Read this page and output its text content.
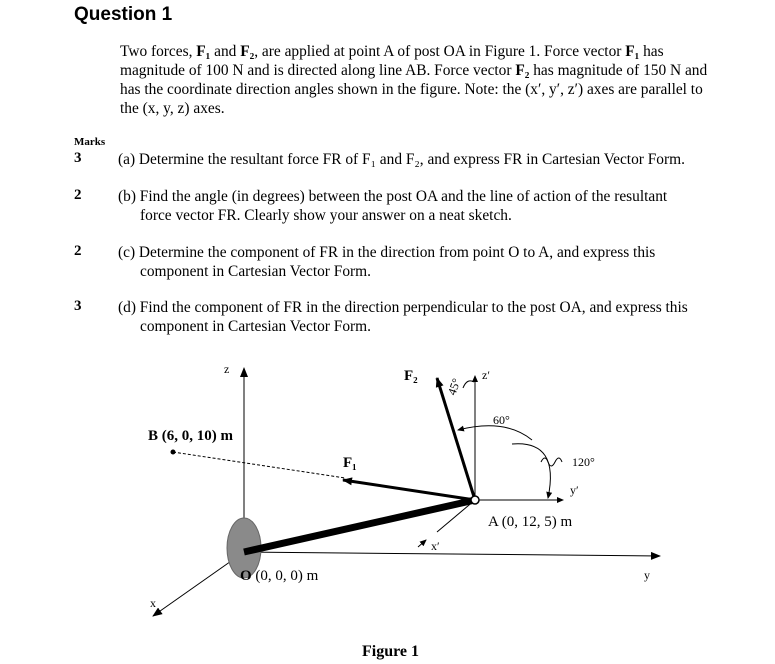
Question 1
Two forces, F₁ and F₂, are applied at point A of post OA in Figure 1. Force vector F₁ has magnitude of 100 N and is directed along line AB. Force vector F₂ has magnitude of 150 N and has the coordinate direction angles shown in the figure. Note: the (x′, y′, z′) axes are parallel to the (x, y, z) axes.
Marks
3 (a) Determine the resultant force FR of F₁ and F₂, and express FR in Cartesian Vector Form.
2 (b) Find the angle (in degrees) between the post OA and the line of action of the resultant
force vector FR. Clearly show your answer on a neat sketch.
2 (c) Determine the component of FR in the direction from point O to A, and express this
component in Cartesian Vector Form.
3 (d) Find the component of FR in the direction perpendicular to the post OA, and express this
component in Cartesian Vector Form.
z
x
y
B (6, 0, 10) m
O (0, 0, 0) m
A (0, 12, 5) m
F₁
F₂	z′
y′
x′
45°
60°
120°
Figure 1
